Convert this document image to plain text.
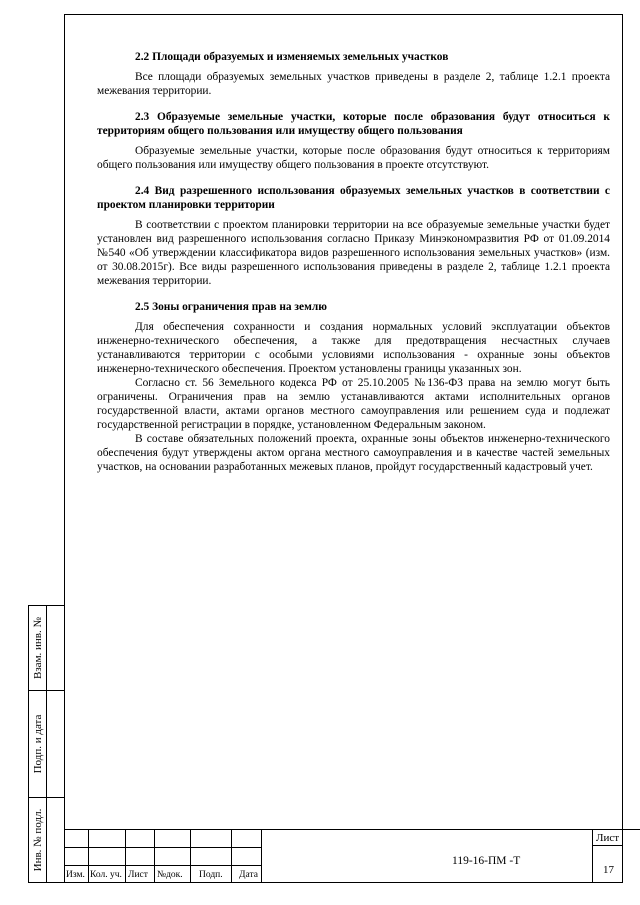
Взам. инв. №
Подп. и дата
Инв. № подл.

2.2 Площади образуемых и изменяемых земельных участков

Все площади образуемых земельных участков приведены в разделе 2, таблице 1.2.1 проекта межевания территории.

2.3 Образуемые земельные участки, которые после образования будут относиться к территориям общего пользования или имуществу общего пользования

Образуемые земельные участки, которые после образования будут относиться к территориям общего пользования или имуществу общего пользования в проекте отсутствуют.

2.4 Вид разрешенного использования образуемых земельных участков в соответствии с проектом планировки территории

В соответствии с проектом планировки территории на все образуемые земельные участки будет установлен вид разрешенного использования согласно Приказу Минэкономразвития РФ от 01.09.2014 №540 «Об утверждении классификатора видов разрешенного использования земельных участков» (изм. от 30.08.2015г). Все виды разрешенного использования приведены в разделе 2, таблице 1.2.1 проекта межевания территории.

2.5 Зоны ограничения прав на землю

Для обеспечения сохранности и создания нормальных условий эксплуатации объектов инженерно-технического обеспечения, а также для предотвращения несчастных случаев устанавливаются территории с особыми условиями использования - охранные зоны объектов инженерно-технического обеспечения. Проектом установлены границы указанных зон.

Согласно ст. 56 Земельного кодекса РФ от 25.10.2005 №136-ФЗ права на землю могут быть ограничены. Ограничения прав на землю устанавливаются актами исполнительных органов государственной власти, актами органов местного самоуправления или решением суда и подлежат государственной регистрации в порядке, установленном Федеральным законом.

В составе обязательных положений проекта, охранные зоны объектов инженерно-технического обеспечения будут утверждены актом органа местного самоуправления и в качестве частей земельных участков, на основании разработанных межевых планов, пройдут государственный кадастровый учет.

Изм. Кол. уч. Лист №док. Подп. Дата
119-16-ПМ -Т
Лист
17
